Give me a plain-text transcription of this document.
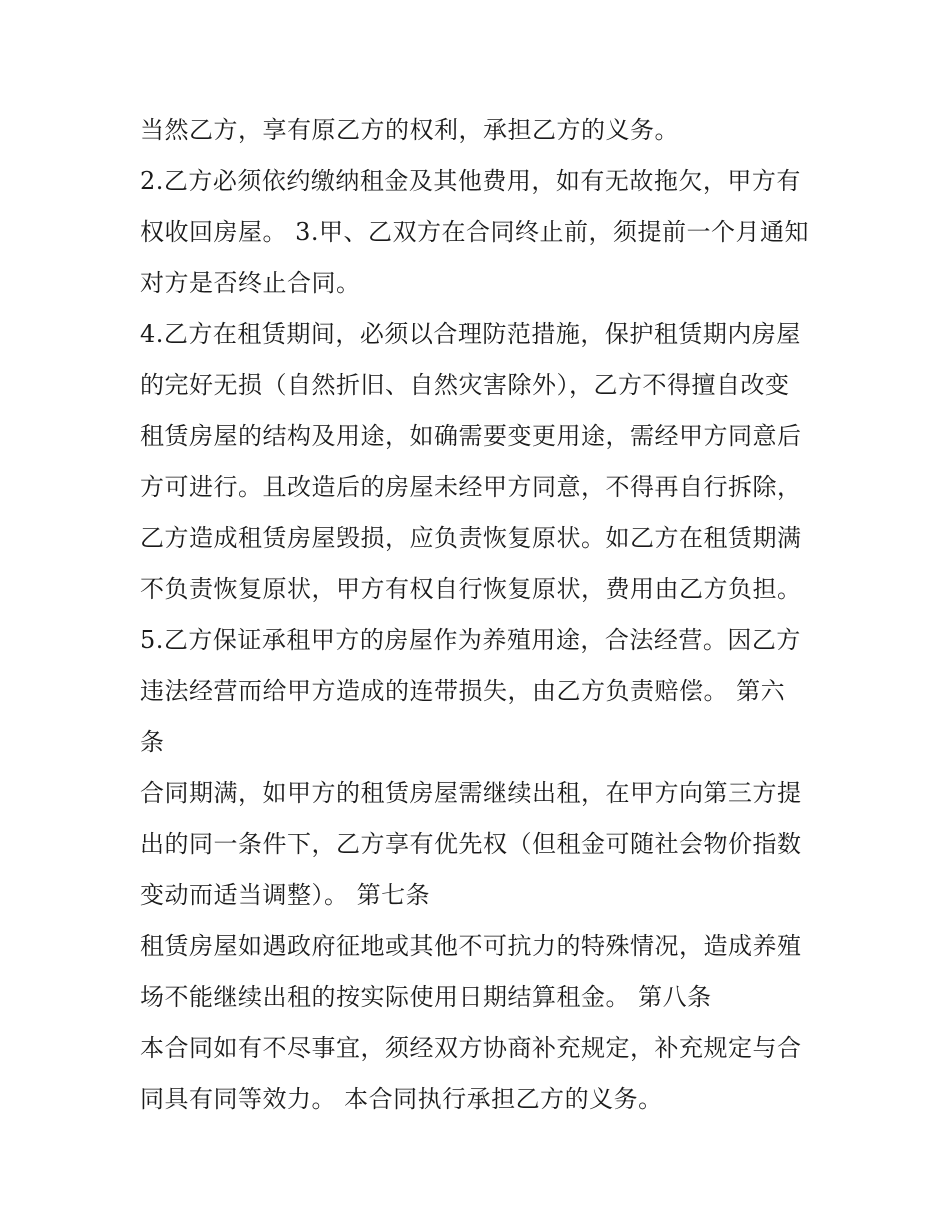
当然乙方，享有原乙方的权利，承担乙方的义务。
2.乙方必须依约缴纳租金及其他费用，如有无故拖欠，甲方有
权收回房屋。 3.甲、乙双方在合同终止前，须提前一个月通知
对方是否终止合同。
4.乙方在租赁期间，必须以合理防范措施，保护租赁期内房屋
的完好无损（自然折旧、自然灾害除外），乙方不得擅自改变
租赁房屋的结构及用途，如确需要变更用途，需经甲方同意后
方可进行。且改造后的房屋未经甲方同意，不得再自行拆除，
乙方造成租赁房屋毁损，应负责恢复原状。如乙方在租赁期满
不负责恢复原状，甲方有权自行恢复原状，费用由乙方负担。
5.乙方保证承租甲方的房屋作为养殖用途，合法经营。因乙方
违法经营而给甲方造成的连带损失，由乙方负责赔偿。 第六
条
合同期满，如甲方的租赁房屋需继续出租，在甲方向第三方提
出的同一条件下，乙方享有优先权（但租金可随社会物价指数
变动而适当调整）。 第七条
租赁房屋如遇政府征地或其他不可抗力的特殊情况，造成养殖
场不能继续出租的按实际使用日期结算租金。 第八条
本合同如有不尽事宜，须经双方协商补充规定，补充规定与合
同具有同等效力。 本合同执行承担乙方的义务。
